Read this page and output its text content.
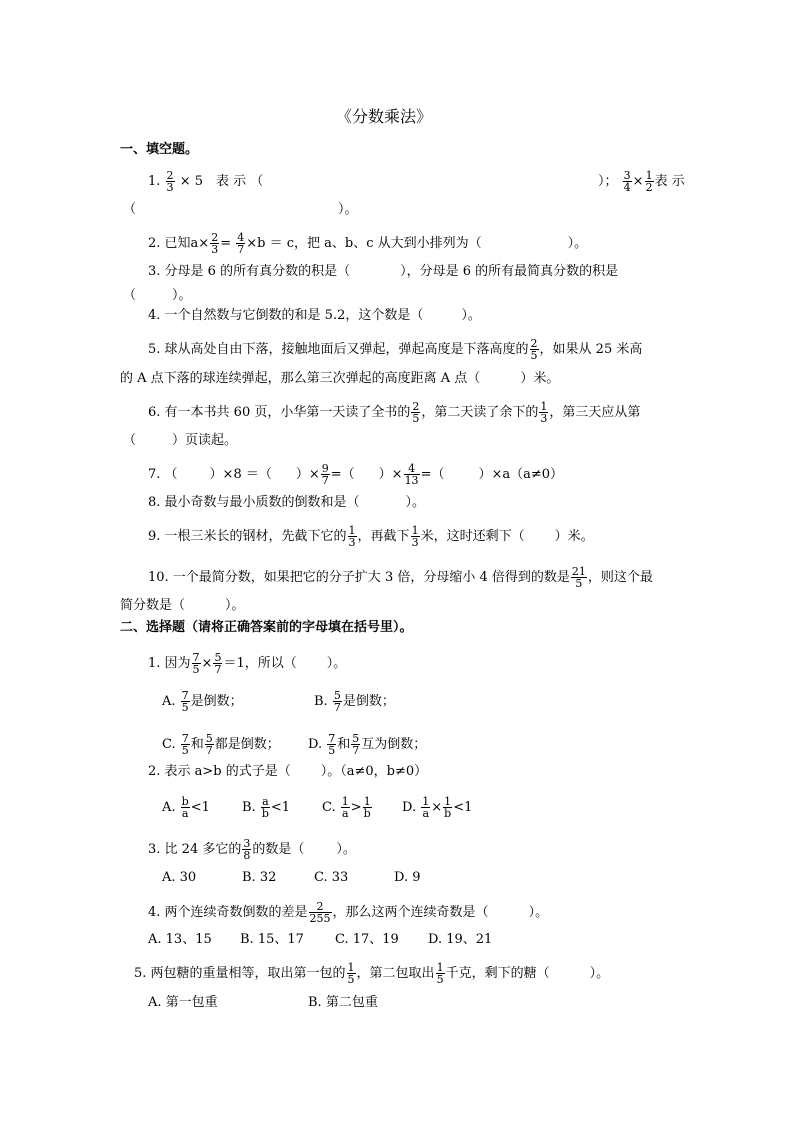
《分数乘法》
一、填空题。
1. $\frac{2}{3} \times 5$　表 示 （	）； $\frac{3}{4} \times \frac{1}{2}$ 表 示
（	）。
2. 已知$a\times \frac{2}{3} = \frac{4}{7} \times b = c$，把 a、b、c 从大到小排列为（	）。
3. 分母是 6 的所有真分数的积是（	），分母是 6 的所有最简真分数的积是
（	）。
4. 一个自然数与它倒数的和是 5.2，这个数是（	）。
5. 球从高处自由下落，接触地面后又弹起，弹起高度是下落高度的 $\frac{2}{5}$ ，如果从 25 米高
的 A 点下落的球连续弹起，那么第三次弹起的高度距离 A 点（	）米。
6. 有一本书共 60 页，小华第一天读了全书的 $\frac{2}{5}$ ，第二天读了余下的 $\frac{1}{3}$ ，第三天应从第
（	）页读起。
7. （ ）×8 ＝（ ）× $\frac{9}{7}$ =（ ）× $\frac{4}{13}$ =（	）×a（a≠0）
8. 最小奇数与最小质数的倒数和是（	）。
9. 一根三米长的钢材，先截下它的 $\frac{1}{3}$ ，再截下 $\frac{1}{3}$ 米，这时还剩下（ ）米。
10. 一个最简分数，如果把它的分子扩大 3 倍，分母缩小 4 倍得到的数是 $\frac{21}{5}$ ，则这个最
简分数是（	）。
二、选择题（请将正确答案前的字母填在括号里）。
1. 因为 $\frac{7}{5} \times \frac{5}{7} =1$，所以（ ）。
A. $\frac{7}{5}$ 是倒数；	B. $\frac{5}{7}$ 是倒数；
C. $\frac{7}{5}$ 和 $\frac{5}{7}$ 都是倒数； D. $\frac{7}{5}$ 和 $\frac{5}{7}$ 互为倒数；
2. 表示 a>b 的式子是（ ）。（a≠0，b≠0）
A. $\frac{b}{a} <1$ B. $\frac{a}{b} <1$ C. $\frac{1}{a} > \frac{1}{b} D$. $\frac{1}{a} \times \frac{1}{b} <1$
3. 比 24 多它的 $\frac{3}{8}$ 的数是（ ）。
A. 30	B. 32	C. 33	D. 9
4. 两个连续奇数倒数的差是 $\frac{2}{255}$ ，那么这两个连续奇数是（	）。
A. 13、15 B. 15、17 C. 17、19 D. 19、21
5. 两包糖的重量相等，取出第一包的 $\frac{1}{5}$ ，第二包取出 $\frac{1}{5}$ 千克，剩下的糖（	）。
A. 第一包重	B. 第二包重
